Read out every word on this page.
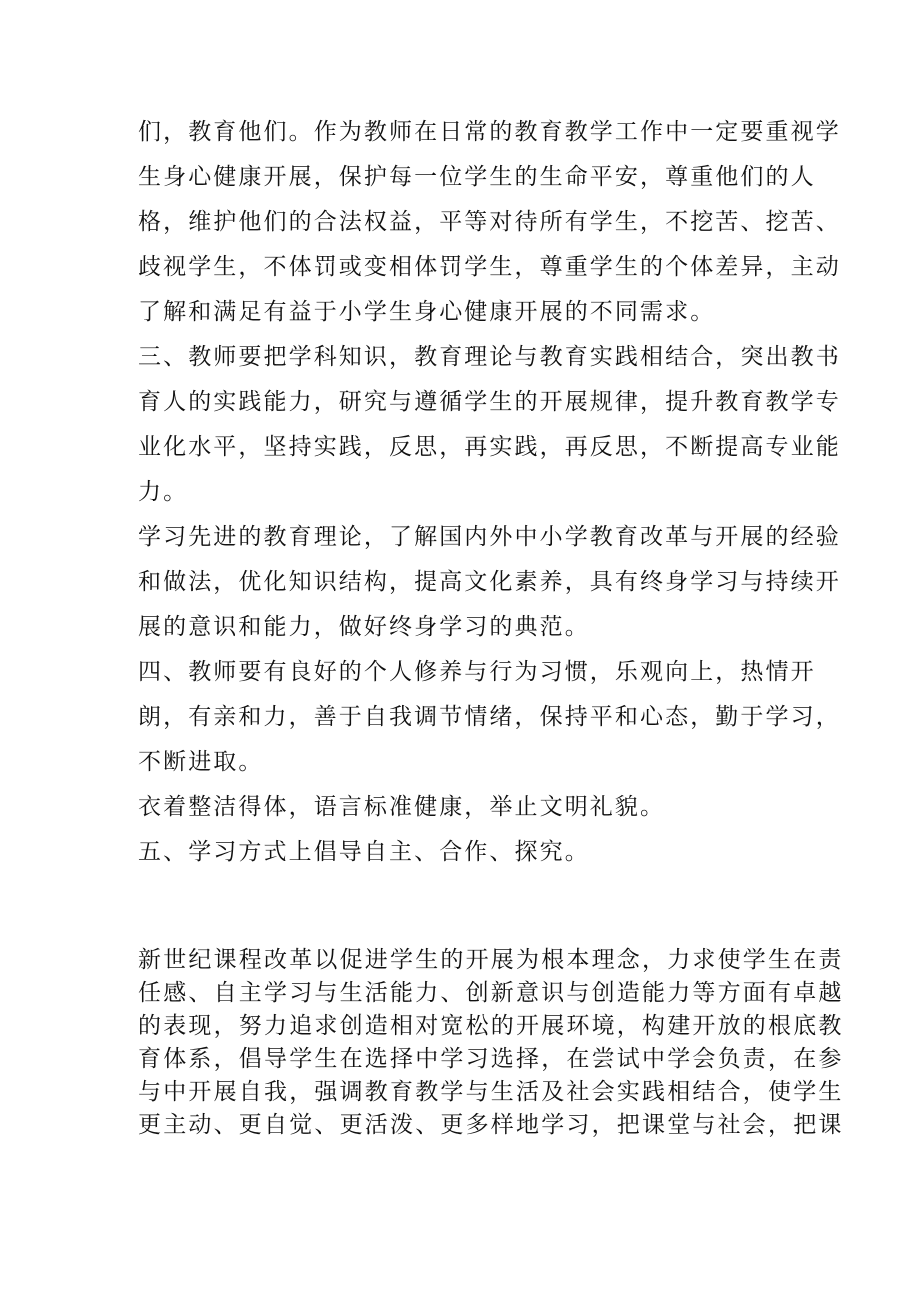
们，教育他们。作为教师在日常的教育教学工作中一定要重视学

生身心健康开展，保护每一位学生的生命平安，尊重他们的人

格，维护他们的合法权益，平等对待所有学生，不挖苦、挖苦、

歧视学生，不体罚或变相体罚学生，尊重学生的个体差异，主动

了解和满足有益于小学生身心健康开展的不同需求。

三、教师要把学科知识，教育理论与教育实践相结合，突出教书

育人的实践能力，研究与遵循学生的开展规律，提升教育教学专

业化水平，坚持实践，反思，再实践，再反思，不断提高专业能

力。

学习先进的教育理论，了解国内外中小学教育改革与开展的经验

和做法，优化知识结构，提高文化素养，具有终身学习与持续开

展的意识和能力，做好终身学习的典范。

四、教师要有良好的个人修养与行为习惯，乐观向上，热情开

朗，有亲和力，善于自我调节情绪，保持平和心态，勤于学习，

不断进取。

衣着整洁得体，语言标准健康，举止文明礼貌。

五、学习方式上倡导自主、合作、探究。

新世纪课程改革以促进学生的开展为根本理念，力求使学生在责

任感、自主学习与生活能力、创新意识与创造能力等方面有卓越

的表现，努力追求创造相对宽松的开展环境，构建开放的根底教

育体系，倡导学生在选择中学习选择，在尝试中学会负责，在参

与中开展自我，强调教育教学与生活及社会实践相结合，使学生

更主动、更自觉、更活泼、更多样地学习，把课堂与社会，把课
